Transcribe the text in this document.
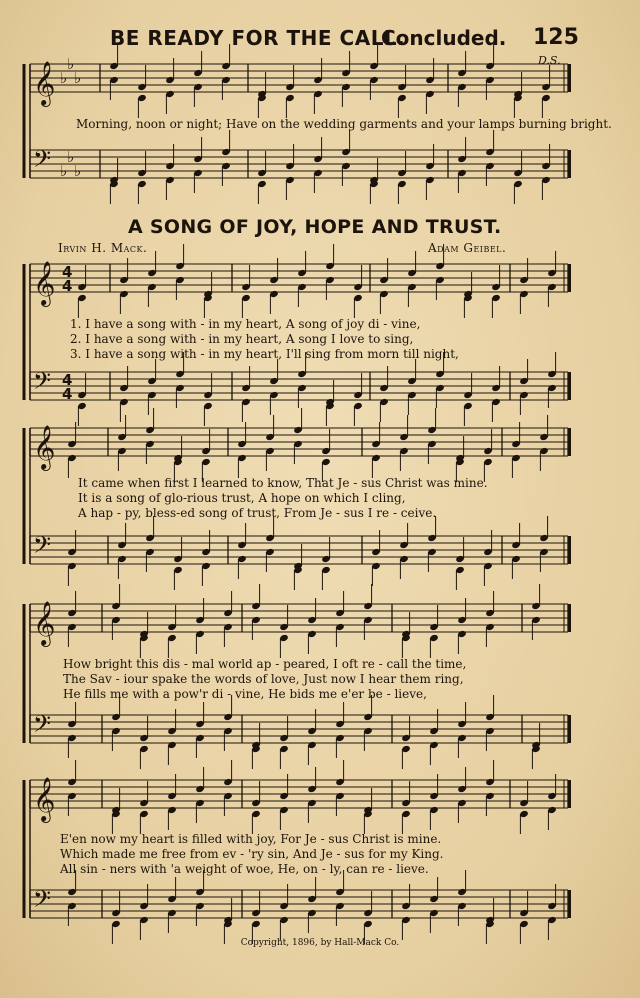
BE READY FOR THE CALL.
Concluded. 125
D.S.
𝄞 ♭
♭
♭
𝄢 ♭
♭
♭
𝄞 4
4
𝄢 4
4
𝄞
𝄢
𝄞
𝄢
𝄞
𝄢
Morning, noon or night; Have on the wedding garments and your lamps burning bright.
A SONG OF JOY, HOPE AND TRUST.
Irvin H. Mack.	Adam Geibel.
1. I have a song with - in my heart, A song of joy di - vine,
2. I have a song with - in my heart, A song I love to sing,
3. I have a song with - in my heart, I'll sing from morn till night,
It came when first I learned to know, That Je - sus Christ was mine.
It is a song of glo-rious trust, A hope on which I cling,
A hap - py, bless-ed song of trust, From Je - sus I re - ceive.
How bright this dis - mal world ap - peared, I oft re - call the time,
The Sav - iour spake the words of love, Just now I hear them ring,
He fills me with a pow'r di - vine, He bids me e'er be - lieve,
E'en now my heart is filled with joy, For Je - sus Christ is mine.
Which made me free from ev - 'ry sin, And Je - sus for my King.
All sin - ners with 'a weight of woe, He, on - ly, can re - lieve.
Copyright, 1896, by Hall-Mack Co.
